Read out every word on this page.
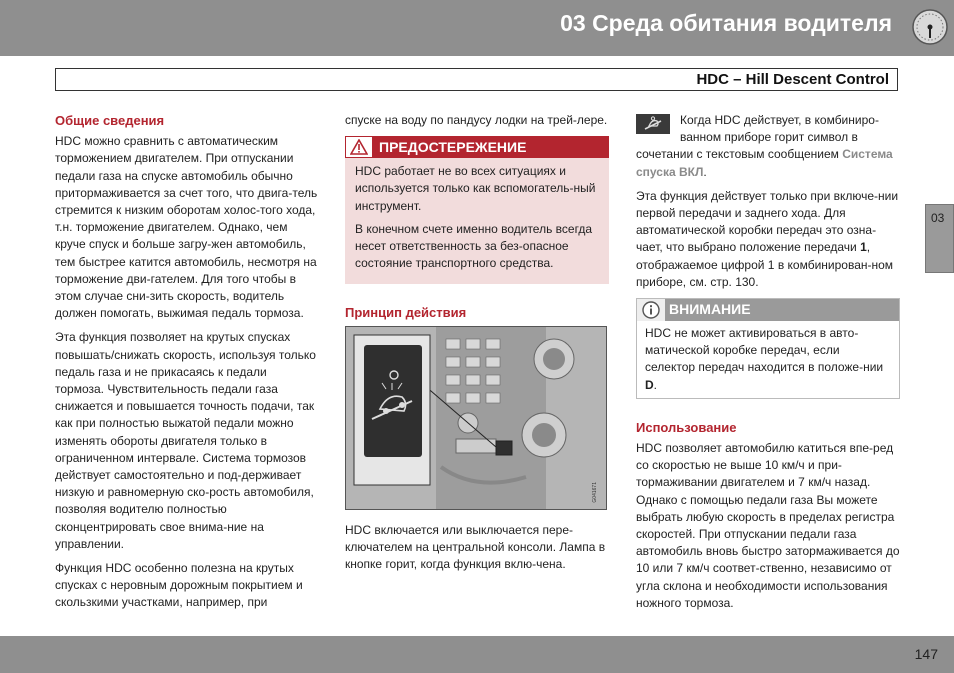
03 Среда обитания водителя
HDC – Hill Descent Control
Общие сведения

HDC можно сравнить с автоматическим торможением двигателем. При отпускании педали газа на спуске автомобиль обычно притормаживается за счет того, что двига-тель стремится к низким оборотам холос-того хода, т.н. торможение двигателем. Однако, чем круче спуск и больше загру-жен автомобиль, тем быстрее катится автомобиль, несмотря на торможение дви-гателем. Для того чтобы в этом случае сни-зить скорость, водитель должен помогать, выжимая педаль тормоза.

Эта функция позволяет на крутых спусках повышать/снижать скорость, используя только педаль газа и не прикасаясь к педали тормоза. Чувствительность педали газа снижается и повышается точность подачи, так как при полностью выжатой педали можно изменять обороты двигателя только в ограниченном интервале. Система тормозов действует самостоятельно и под-держивает низкую и равномерную ско-рость автомобиля, позволяя водителю полностью сконцентрировать свое внима-ние на управлении.

Функция HDC особенно полезна на крутых спусках с неровным дорожным покрытием и скользкими участками, например, при

спуске на воду по пандусу лодки на трей-лере.

ПРЕДОСТЕРЕЖЕНИЕ

HDC работает не во всех ситуациях и используется только как вспомогатель-ный инструмент.

В конечном счете именно водитель всегда несет ответственность за без-опасное состояние транспортного средства.

Принцип действия
G041671

HDC включается или выключается пере-ключателем на центральной консоли. Лампа в кнопке горит, когда функция вклю-чена.

Когда HDC действует, в комбиниро-ванном приборе горит символ в сочетании с текстовым сообщением Система спуска ВКЛ.

Эта функция действует только при включе-нии первой передачи и заднего хода. Для автоматической коробки передач это озна-чает, что выбрано положение передачи 1, отображаемое цифрой 1 в комбинирован-ном приборе, см. стр. 130.

ВНИМАНИЕ
HDC не может активироваться в авто-матической коробке передач, если селектор передач находится в положе-нии D.
Использование

HDC позволяет автомобилю катиться впе-ред со скоростью не выше 10 км/ч и при-тормаживании двигателем и 7 км/ч назад. Однако с помощью педали газа Вы можете выбрать любую скорость в пределах регистра скоростей. При отпускании педали газа автомобиль вновь быстро затормаживается до 10 или 7 км/ч соответ-ственно, независимо от угла склона и необходимости использования ножного тормоза.

03
147
